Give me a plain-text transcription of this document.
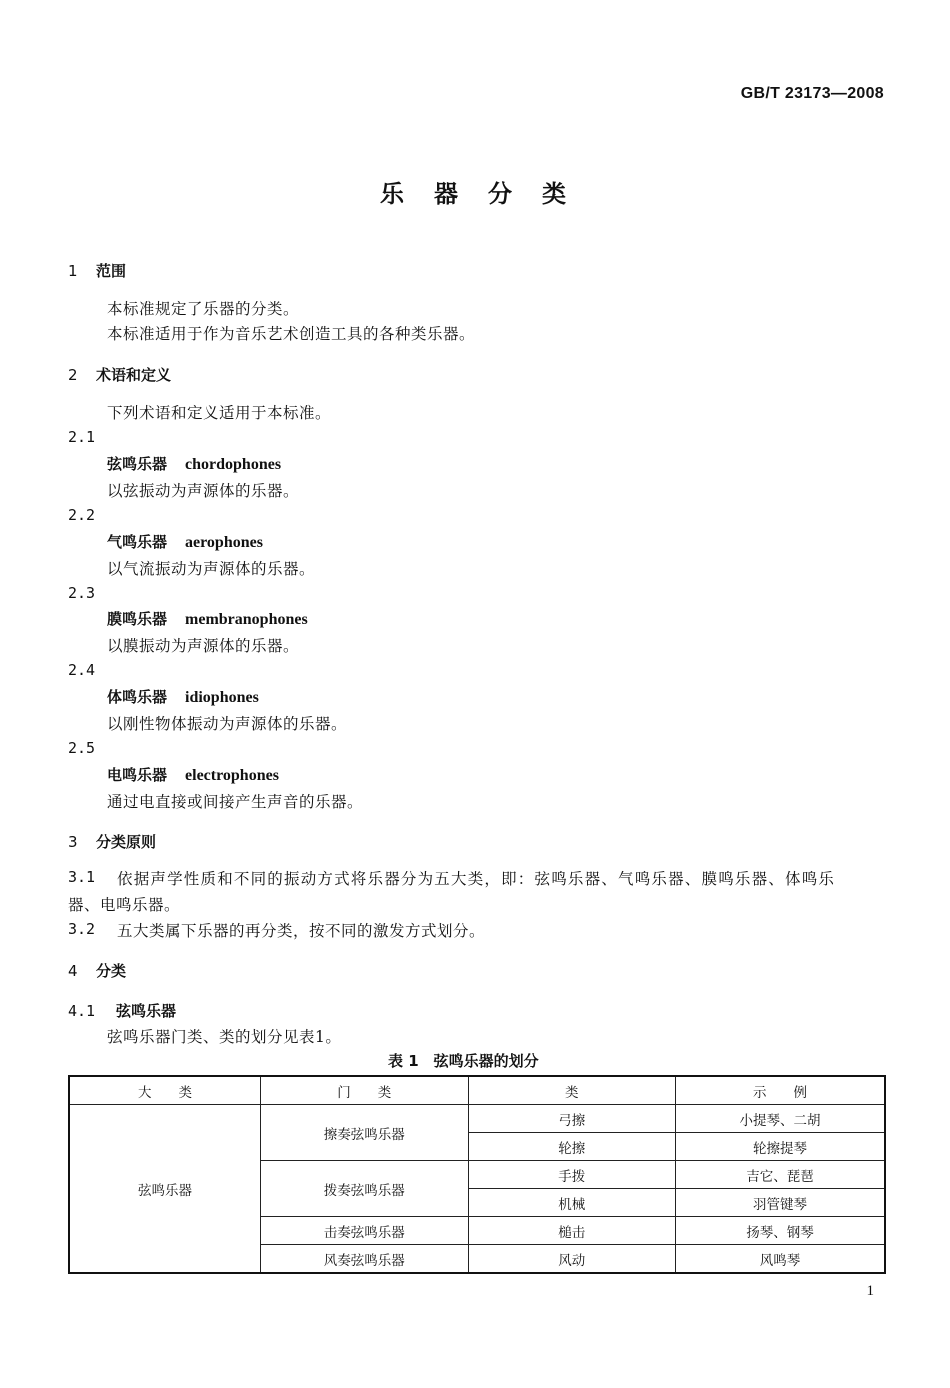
GB/T 23173—2008
乐器分类
1 范围
本标准规定了乐器的分类。
本标准适用于作为音乐艺术创造工具的各种类乐器。
2 术语和定义
下列术语和定义适用于本标准。
2.1
弦鸣乐器 chordophones
以弦振动为声源体的乐器。
2.2
气鸣乐器 aerophones
以气流振动为声源体的乐器。
2.3
膜鸣乐器 membranophones
以膜振动为声源体的乐器。
2.4
体鸣乐器 idiophones
以刚性物体振动为声源体的乐器。
2.5
电鸣乐器 electrophones
通过电直接或间接产生声音的乐器。
3 分类原则
3.1 依据声学性质和不同的振动方式将乐器分为五大类，即：弦鸣乐器、气鸣乐器、膜鸣乐器、体鸣乐
器、电鸣乐器。
3.2 五大类属下乐器的再分类，按不同的激发方式划分。
4 分类
4.1 弦鸣乐器
弦鸣乐器门类、类的划分见表1。
表 1　弦鸣乐器的划分
大　　类	门　　类	类	示　　例
弦鸣乐器	擦奏弦鸣乐器	弓擦	小提琴、二胡
		轮擦	轮擦提琴
	拨奏弦鸣乐器	手拨	吉它、琵琶
		机械	羽管键琴
	击奏弦鸣乐器	槌击	扬琴、钢琴
	风奏弦鸣乐器	风动	风鸣琴
1
